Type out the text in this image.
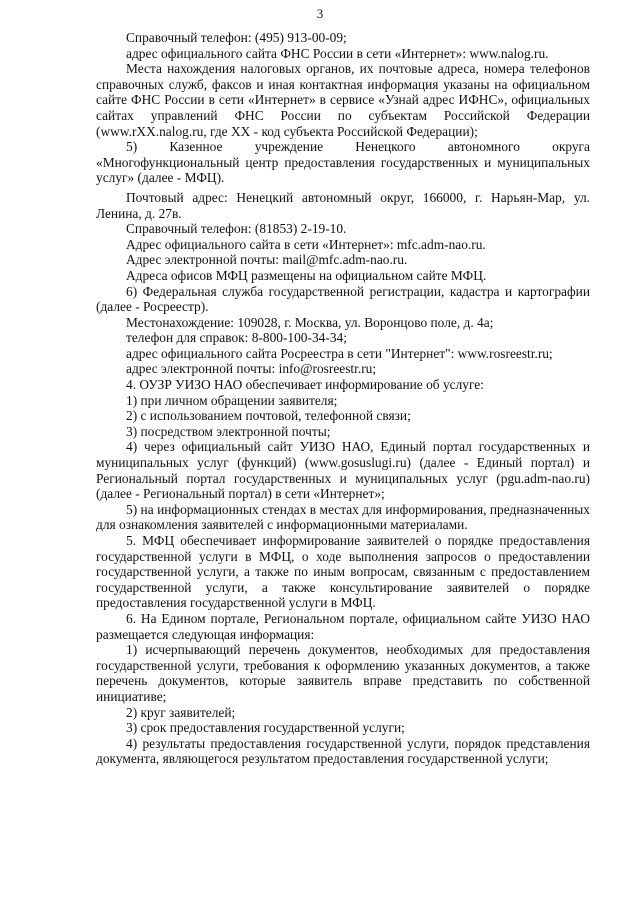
3

Справочный телефон: (495) 913-00-09;

адрес официального сайта ФНС России в сети «Интернет»: www.nalog.ru.

Места нахождения налоговых органов, их почтовые адреса, номера телефонов справочных служб, факсов и иная контактная информация указаны на официальном сайте ФНС России в сети «Интернет» в сервисе «Узнай адрес ИФНС», официальных сайтах управлений ФНС России по субъектам Российской Федерации (www.rXX.nalog.ru, где XX - код субъекта Российской Федерации);

5) Казенное учреждение Ненецкого автономного округа «Многофункциональный центр предоставления государственных и муниципальных услуг» (далее - МФЦ).

Почтовый адрес: Ненецкий автономный округ, 166000, г. Нарьян-Мар, ул. Ленина, д. 27в.

Справочный телефон: (81853) 2-19-10.

Адрес официального сайта в сети «Интернет»: mfc.adm-nao.ru.

Адрес электронной почты: mail@mfc.adm-nao.ru.

Адреса офисов МФЦ размещены на официальном сайте МФЦ.

6) Федеральная служба государственной регистрации, кадастра и картографии (далее - Росреестр).

Местонахождение: 109028, г. Москва, ул. Воронцово поле, д. 4а;

телефон для справок: 8-800-100-34-34;

адрес официального сайта Росреестра в сети "Интернет": www.rosreestr.ru;

адрес электронной почты: info@rosreestr.ru;

4. ОУЗР УИЗО НАО обеспечивает информирование об услуге:

1) при личном обращении заявителя;

2) с использованием почтовой, телефонной связи;

3) посредством электронной почты;

4) через официальный сайт УИЗО НАО, Единый портал государственных и муниципальных услуг (функций) (www.gosuslugi.ru) (далее - Единый портал) и Региональный портал государственных и муниципальных услуг (pgu.adm-nao.ru) (далее - Региональный портал) в сети «Интернет»;

5) на информационных стендах в местах для информирования, предназначенных для ознакомления заявителей с информационными материалами.

5. МФЦ обеспечивает информирование заявителей о порядке предоставления государственной услуги в МФЦ, о ходе выполнения запросов о предоставлении государственной услуги, а также по иным вопросам, связанным с предоставлением государственной услуги, а также консультирование заявителей о порядке предоставления государственной услуги в МФЦ.

6. На Едином портале, Региональном портале, официальном сайте УИЗО НАО размещается следующая информация:

1) исчерпывающий перечень документов, необходимых для предоставления государственной услуги, требования к оформлению указанных документов, а также перечень документов, которые заявитель вправе представить по собственной инициативе;

2) круг заявителей;

3) срок предоставления государственной услуги;

4) результаты предоставления государственной услуги, порядок представления документа, являющегося результатом предоставления государственной услуги;
